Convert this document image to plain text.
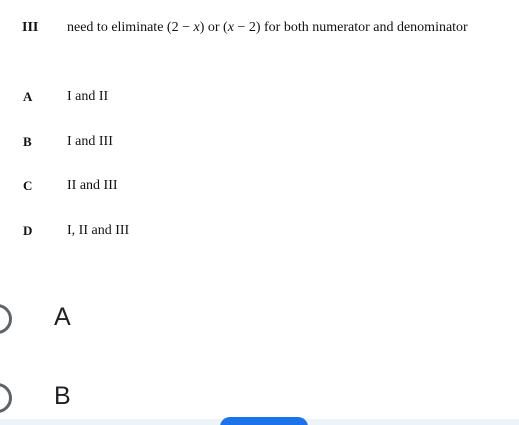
III need to eliminate (2 − x) or (x − 2) for both numerator and denominator
A I and II
B	I and III
C II and III
D I, II and III
A
B
